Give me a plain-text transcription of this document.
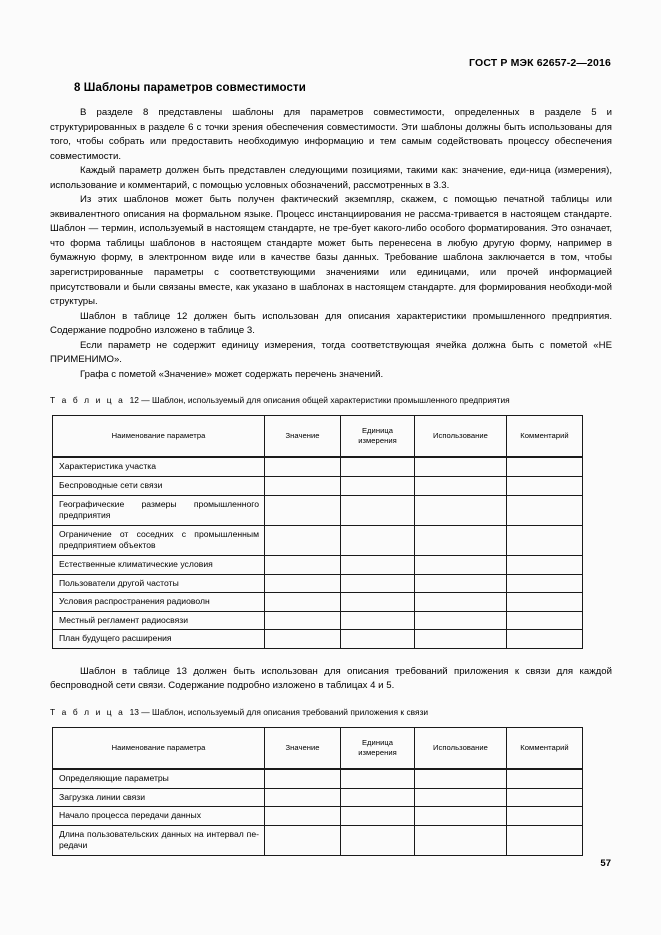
ГОСТ Р МЭК 62657-2—2016
8 Шаблоны параметров совместимости

В разделе 8 представлены шаблоны для параметров совместимости, определенных в разделе 5 и структурированных в разделе 6 с точки зрения обеспечения совместимости. Эти шаблоны должны быть использованы для того, чтобы собрать или предоставить необходимую информацию и тем самым содействовать процессу обеспечения совместимости.

Каждый параметр должен быть представлен следующими позициями, такими как: значение, еди-ница (измерения), использование и комментарий, с помощью условных обозначений, рассмотренных в 3.3.

Из этих шаблонов может быть получен фактический экземпляр, скажем, с помощью печатной таблицы или эквивалентного описания на формальном языке. Процесс инстанциирования не рассма-тривается в настоящем стандарте. Шаблон — термин, используемый в настоящем стандарте, не тре-бует какого-либо особого форматирования. Это означает, что форма таблицы шаблонов в настоящем стандарте может быть перенесена в любую другую форму, например в бумажную форму, в электронном виде или в качестве базы данных. Требование шаблона заключается в том, чтобы зарегистрированные параметры с соответствующими значениями или единицами, или прочей информацией присутствовали и были связаны вместе, как указано в шаблонах в настоящем стандарте. для формирования необходи-мой структуры.

Шаблон в таблице 12 должен быть использован для описания характеристики промышленного предприятия. Содержание подробно изложено в таблице 3.

Если параметр не содержит единицу измерения, тогда соответствующая ячейка должна быть с пометой «НЕ ПРИМЕНИМО».

Графа с пометой «Значение» может содержать перечень значений.

Т а б л и ц а 12 — Шаблон, используемый для описания общей характеристики промышленного предприятия
Наименование параметра	Значение	Единица измерения	Использование	Комментарий
Характеристика участка				
Беспроводные сети связи				
Географические размеры промышленного предприятия				
Ограничение от соседних с промышленным предприятием объектов				
Естественные климатические условия				
Пользователи другой частоты				
Условия распространения радиоволн				
Местный регламент радиосвязи				
План будущего расширения				

Шаблон в таблице 13 должен быть использован для описания требований приложения к связи для каждой беспроводной сети связи. Содержание подробно изложено в таблицах 4 и 5.

Т а б л и ц а 13 — Шаблон, используемый для описания требований приложения к связи
Наименование параметра	Значение	Единица измерения	Использование	Комментарий
Определяющие параметры				
Загрузка линии связи				
Начало процесса передачи данных				
Длина пользовательских данных на интервал пе-редачи				
57
